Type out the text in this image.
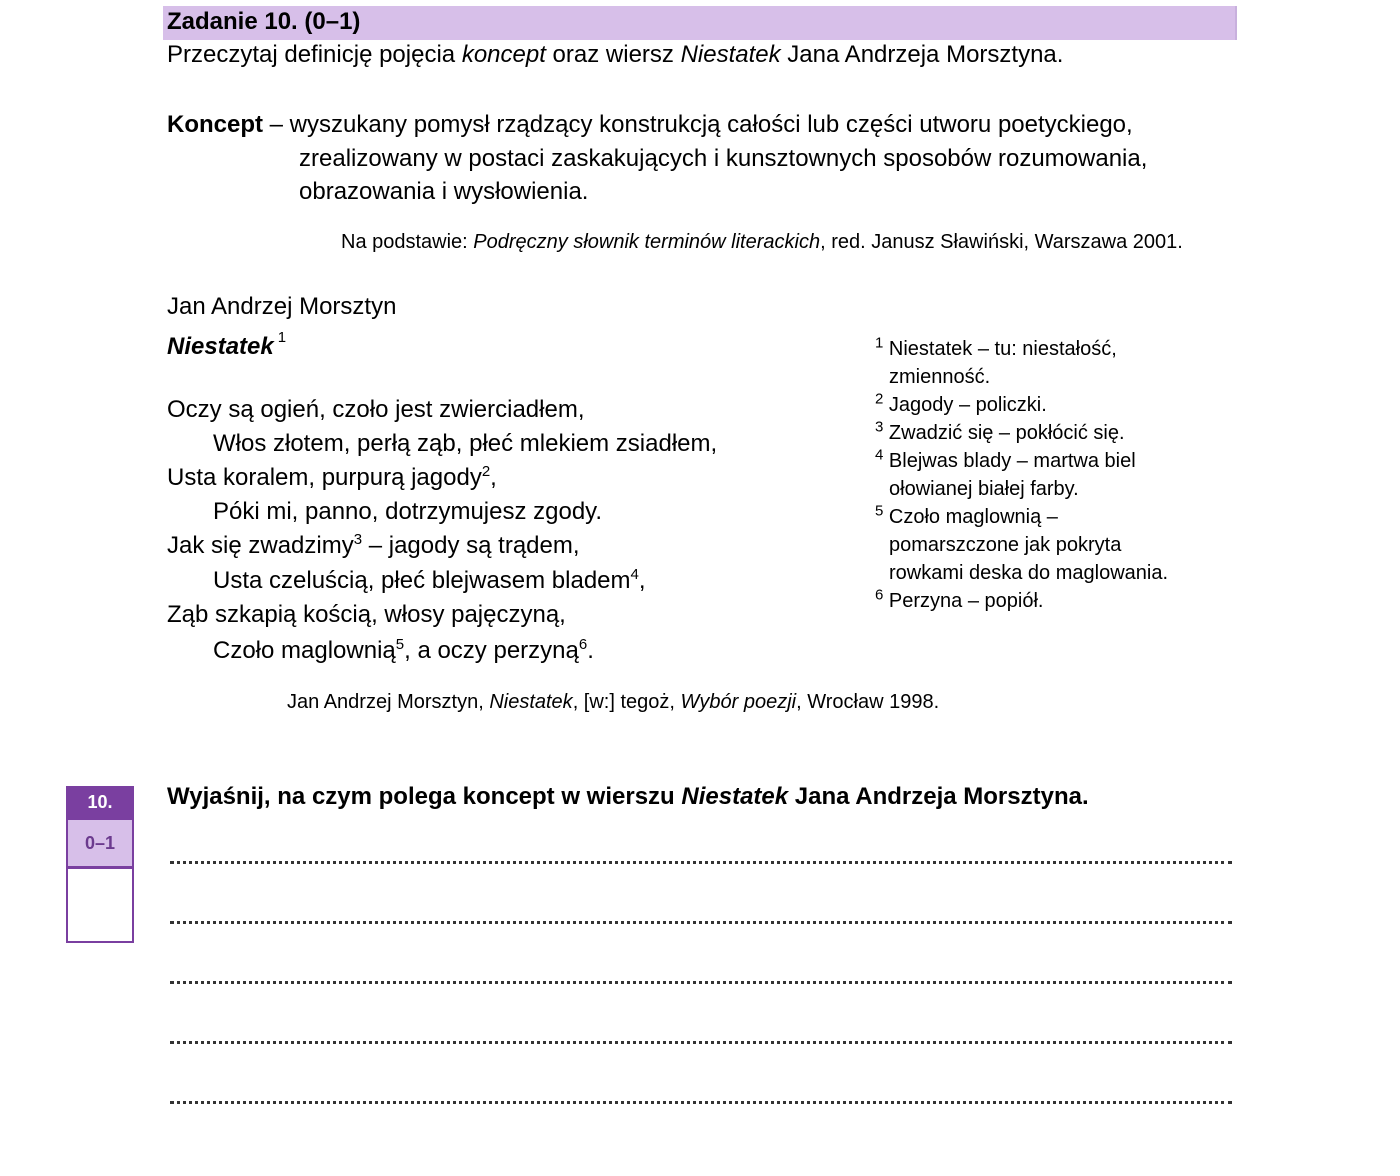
Zadanie 10. (0–1)
Przeczytaj definicję pojęcia koncept oraz wiersz Niestatek Jana Andrzeja Morsztyna.
Koncept – wyszukany pomysł rządzący konstrukcją całości lub części utworu poetyckiego,
zrealizowany w postaci zaskakujących i kunsztownych sposobów rozumowania,
obrazowania i wysłowienia.
Na podstawie: Podręczny słownik terminów literackich, red. Janusz Sławiński, Warszawa 2001.
Jan Andrzej Morsztyn
Niestatek $^1$
Oczy są ogień, czoło jest zwierciadłem,
Włos złotem, perłą ząb, płeć mlekiem zsiadłem,
Usta koralem, purpurą jagody$^2$,
Póki mi, panno, dotrzymujesz zgody.
Jak się zwadzimy$^3$ – jagody są trądem,
Usta czeluścią, płeć blejwasem bladem$^4$,
Ząb szkapią kością, włosy pajęczyną,
Czoło maglownią$^5$, a oczy perzyną$^6$.
$^1$ Niestatek – tu: niestałość,
zmienność.
$^2$ Jagody – policzki.
$^3$ Zwadzić się – pokłócić się.
$^4$ Blejwas blady – martwa biel
ołowianej białej farby.
$^5$ Czoło maglownią –
pomarszczone jak pokryta
rowkami deska do maglowania.
$^6$ Perzyna – popiół.
Jan Andrzej Morsztyn, Niestatek, [w:] tegoż, Wybór poezji, Wrocław 1998.
10.
0–1
Wyjaśnij, na czym polega koncept w wierszu Niestatek Jana Andrzeja Morsztyna.
